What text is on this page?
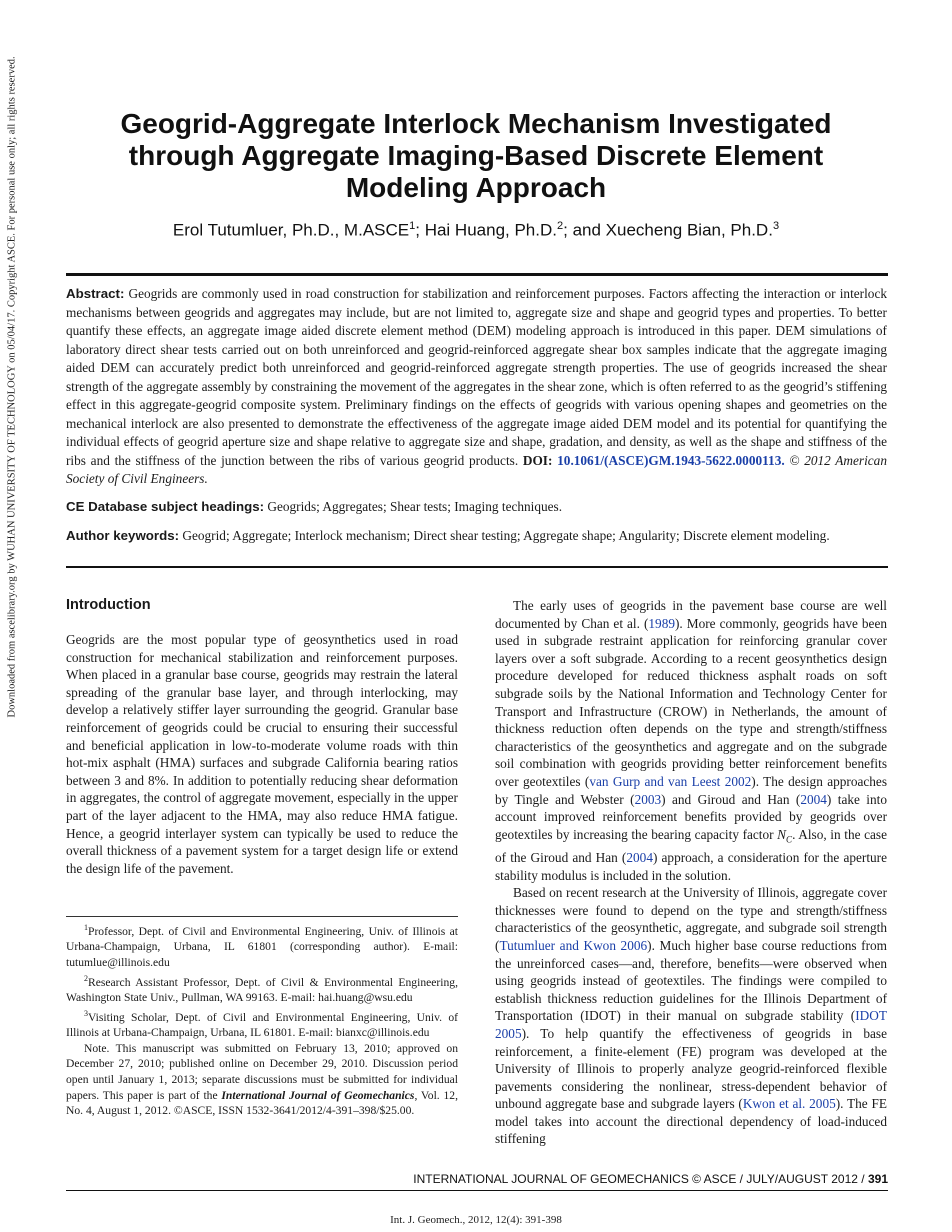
Downloaded from ascelibrary.org by WUHAN UNIVERSITY OF TECHNOLOGY on 05/04/17. Copyright ASCE. For personal use only; all rights reserved.	Geogrid-Aggregate Interlock Mechanism Investigated through Aggregate Imaging-Based Discrete Element Modeling Approach
Erol Tutumluer, Ph.D., M.ASCE$^1$; Hai Huang, Ph.D.$^2$; and Xuecheng Bian, Ph.D.$^3$
Abstract: Geogrids are commonly used in road construction for stabilization and reinforcement purposes. Factors affecting the interaction or interlock mechanisms between geogrids and aggregates may include, but are not limited to, aggregate size and shape and geogrid types and properties. To better quantify these effects, an aggregate image aided discrete element method (DEM) modeling approach is introduced in this paper. DEM simulations of laboratory direct shear tests carried out on both unreinforced and geogrid-reinforced aggregate shear box samples indicate that the aggregate imaging aided DEM can accurately predict both unreinforced and geogrid-reinforced aggregate strength properties. The use of geogrids increased the shear strength of the aggregate assembly by constraining the movement of the aggregates in the shear zone, which is often referred to as the geogrid’s stiffening effect in this aggregate-geogrid composite system. Preliminary findings on the effects of geogrids with various opening shapes and geometries on the mechanical interlock are also presented to demonstrate the effectiveness of the aggregate image aided DEM model and its potential for quantifying the individual effects of geogrid aperture size and shape relative to aggregate size and shape, gradation, and density, as well as the shape and stiffness of the ribs and the stiffness of the junction between the ribs of various geogrid products. DOI: 10.1061/(ASCE)GM.1943-5622.0000113. © 2012 American Society of Civil Engineers.
CE Database subject headings: Geogrids; Aggregates; Shear tests; Imaging techniques.
Author keywords: Geogrid; Aggregate; Interlock mechanism; Direct shear testing; Aggregate shape; Angularity; Discrete element modeling.
Introduction
Geogrids are the most popular type of geosynthetics used in road construction for mechanical stabilization and reinforcement purposes. When placed in a granular base course, geogrids may restrain the lateral spreading of the granular base layer, and through interlocking, may develop a relatively stiffer layer surrounding the geogrid. Granular base reinforcement of geogrids could be crucial to ensuring their successful and beneficial application in low-to-moderate volume roads with thin hot-mix asphalt (HMA) surfaces and subgrade California bearing ratios between 3 and 8%. In addition to potentially reducing shear deformation in aggregates, the control of aggregate movement, especially in the upper part of the layer adjacent to the HMA, may also reduce HMA fatigue. Hence, a geogrid interlayer system can typically be used to reduce the overall thickness of a pavement system for a target design life or extend the design life of the pavement.

$^1$Professor, Dept. of Civil and Environmental Engineering, Univ. of Illinois at Urbana-Champaign, Urbana, IL 61801 (corresponding author). E-mail: tutumlue@illinois.edu

$^2$Research Assistant Professor, Dept. of Civil & Environmental Engineering, Washington State Univ., Pullman, WA 99163. E-mail: hai.huang@wsu.edu

$^3$Visiting Scholar, Dept. of Civil and Environmental Engineering, Univ. of Illinois at Urbana-Champaign, Urbana, IL 61801. E-mail: bianxc@illinois.edu

Note. This manuscript was submitted on February 13, 2010; approved on December 27, 2010; published online on December 29, 2010. Discussion period open until January 1, 2013; separate discussions must be submitted for individual papers. This paper is part of the International Journal of Geomechanics, Vol. 12, No. 4, August 1, 2012. ©ASCE, ISSN 1532-3641/2012/4-391–398/$25.00.

The early uses of geogrids in the pavement base course are well documented by Chan et al. (1989). More commonly, geogrids have been used in subgrade restraint application for reinforcing granular cover layers over a soft subgrade. According to a recent geosynthetics design procedure developed for reduced thickness asphalt roads on soft subgrade soils by the National Information and Technology Center for Transport and Infrastructure (CROW) in Netherlands, the amount of thickness reduction often depends on the type and strength/stiffness characteristics of the geosynthetics and aggregate and on the subgrade soil combination with geogrids providing better reinforcement benefits over geotextiles (van Gurp and van Leest 2002). The design approaches by Tingle and Webster (2003) and Giroud and Han (2004) take into account improved reinforcement benefits provided by geogrids over geotextiles by increasing the bearing capacity factor $N_C$. Also, in the case of the Giroud and Han (2004) approach, a consideration for the aperture stability modulus is included in the solution.

Based on recent research at the University of Illinois, aggregate cover thicknesses were found to depend on the type and strength/stiffness characteristics of the geosynthetic, aggregate, and subgrade soil strength (Tutumluer and Kwon 2006). Much higher base course reductions from the unreinforced cases—and, therefore, benefits—were observed when using geogrids instead of geotextiles. The findings were compiled to establish thickness reduction guidelines for the Illinois Department of Transportation (IDOT) in their manual on subgrade stability (IDOT 2005). To help quantify the effectiveness of geogrids in base reinforcement, a finite-element (FE) program was developed at the University of Illinois to properly analyze geogrid-reinforced flexible pavements considering the nonlinear, stress-dependent behavior of unbound aggregate base and subgrade layers (Kwon et al. 2005). The FE model takes into account the directional dependency of load-induced stiffening

INTERNATIONAL JOURNAL OF GEOMECHANICS © ASCE / JULY/AUGUST 2012 / 391
Int. J. Geomech., 2012, 12(4): 391-398
